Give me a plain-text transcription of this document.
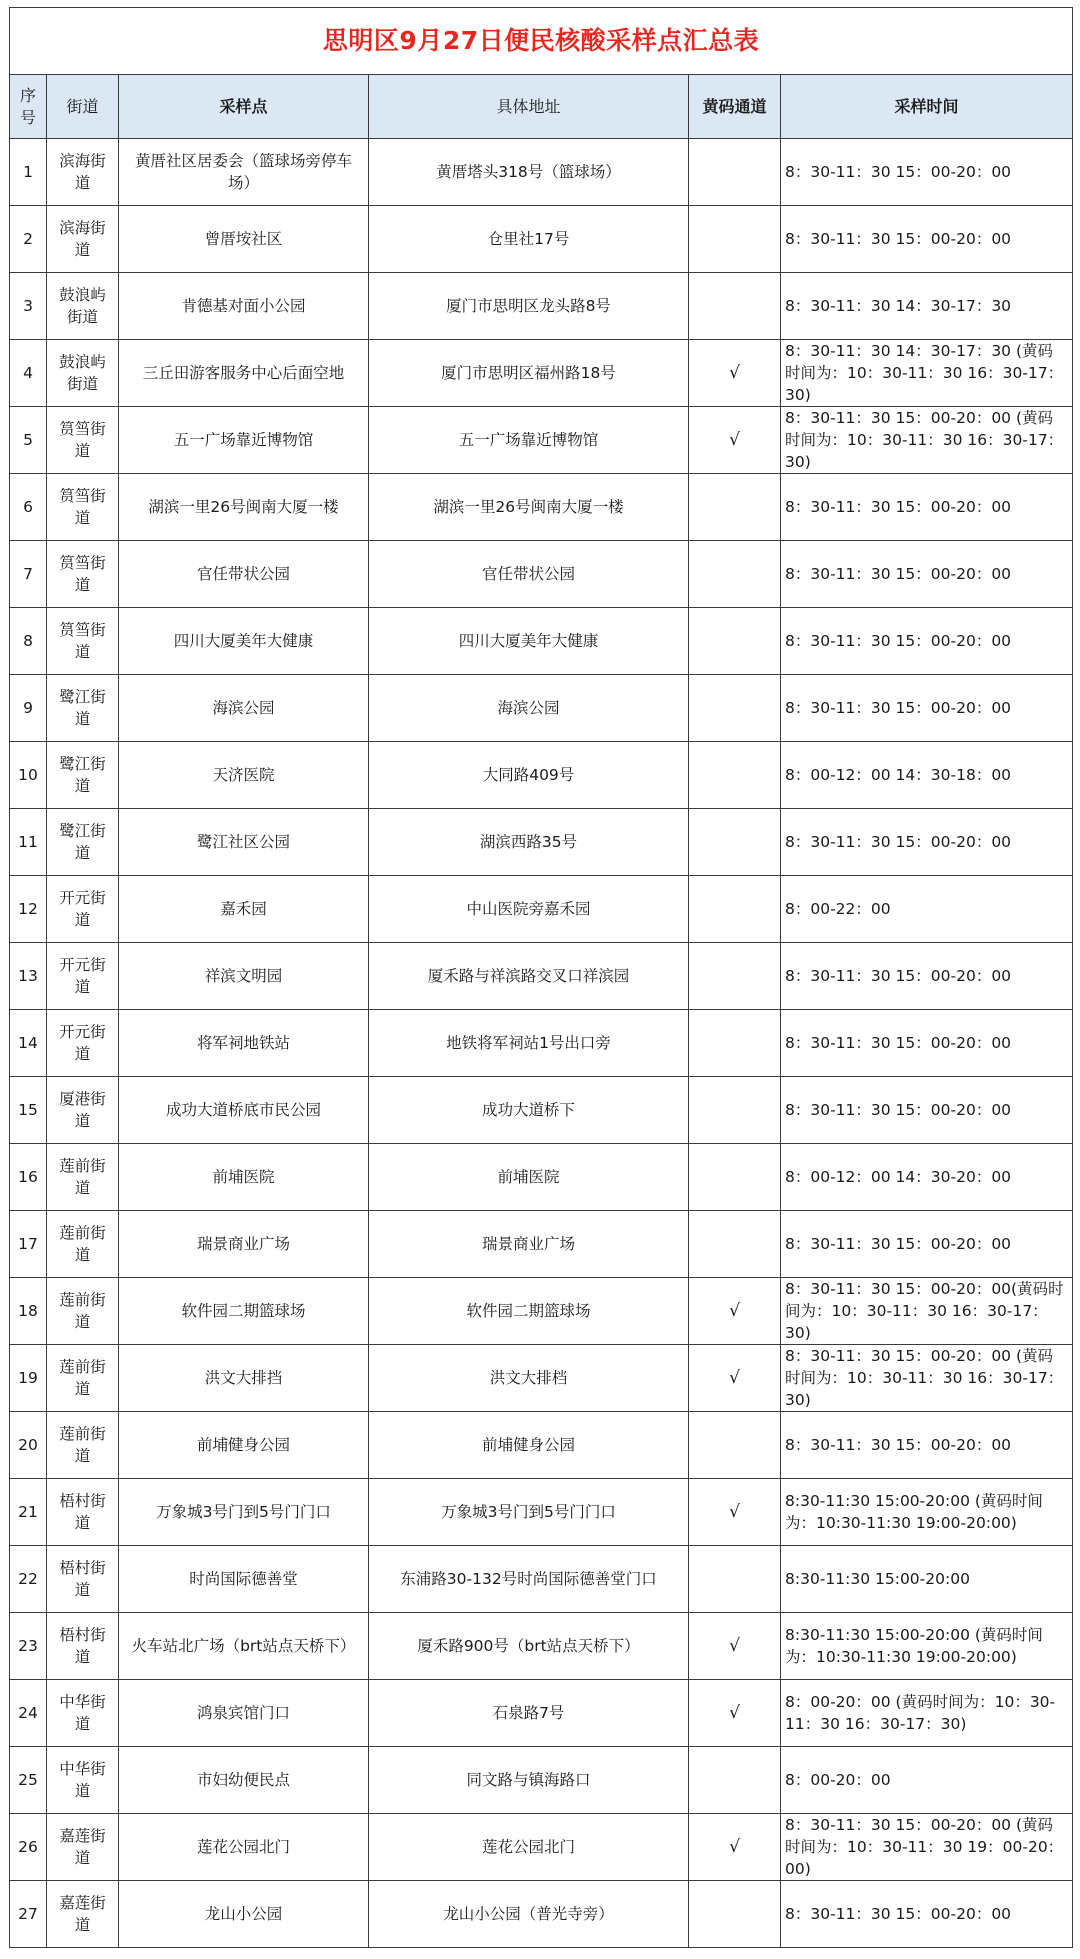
思明区9月27日便民核酸采样点汇总表					
序号	街道	采样点	具体地址	黄码通道	采样时间
1	滨海街道	黄厝社区居委会（篮球场旁停车场）	黄厝塔头318号（篮球场）		8：30-11：30 15：00-20：00
2	滨海街道	曾厝垵社区	仓里社17号		8：30-11：30 15：00-20：00
3	鼓浪屿街道	肯德基对面小公园	厦门市思明区龙头路8号		8：30-11：30 14：30-17：30
4	鼓浪屿街道	三丘田游客服务中心后面空地	厦门市思明区福州路18号	√	8：30-11：30 14：30-17：30 (黄码时间为：10：30-11：30 16：30-17：30)
5	筼筜街道	五一广场靠近博物馆	五一广场靠近博物馆	√	8：30-11：30 15：00-20：00 (黄码时间为：10：30-11：30 16：30-17：30)
6	筼筜街道	湖滨一里26号闽南大厦一楼	湖滨一里26号闽南大厦一楼		8：30-11：30 15：00-20：00
7	筼筜街道	官任带状公园	官任带状公园		8：30-11：30 15：00-20：00
8	筼筜街道	四川大厦美年大健康	四川大厦美年大健康		8：30-11：30 15：00-20：00
9	鹭江街道	海滨公园	海滨公园		8：30-11：30 15：00-20：00
10	鹭江街道	天济医院	大同路409号		8：00-12：00 14：30-18：00
11	鹭江街道	鹭江社区公园	湖滨西路35号		8：30-11：30 15：00-20：00
12	开元街道	嘉禾园	中山医院旁嘉禾园		8：00-22：00
13	开元街道	祥滨文明园	厦禾路与祥滨路交叉口祥滨园		8：30-11：30 15：00-20：00
14	开元街道	将军祠地铁站	地铁将军祠站1号出口旁		8：30-11：30 15：00-20：00
15	厦港街道	成功大道桥底市民公园	成功大道桥下		8：30-11：30 15：00-20：00
16	莲前街道	前埔医院	前埔医院		8：00-12：00 14：30-20：00
17	莲前街道	瑞景商业广场	瑞景商业广场		8：30-11：30 15：00-20：00
18	莲前街道	软件园二期篮球场	软件园二期篮球场	√	8：30-11：30 15：00-20：00(黄码时间为：10：30-11：30 16：30-17：30)
19	莲前街道	洪文大排挡	洪文大排档	√	8：30-11：30 15：00-20：00 (黄码时间为：10：30-11：30 16：30-17：30)
20	莲前街道	前埔健身公园	前埔健身公园		8：30-11：30 15：00-20：00
21	梧村街道	万象城3号门到5号门门口	万象城3号门到5号门门口	√	8:30-11:30 15:00-20:00 (黄码时间为：10:30-11:30 19:00-20:00)
22	梧村街道	时尚国际德善堂	东浦路30-132号时尚国际德善堂门口		8:30-11:30 15:00-20:00
23	梧村街道	火车站北广场（brt站点天桥下）	厦禾路900号（brt站点天桥下）	√	8:30-11:30 15:00-20:00 (黄码时间为：10:30-11:30 19:00-20:00)
24	中华街道	鸿泉宾馆门口	石泉路7号	√	8：00-20：00 (黄码时间为：10：30-11：30 16：30-17：30)
25	中华街道	市妇幼便民点	同文路与镇海路口		8：00-20：00
26	嘉莲街道	莲花公园北门	莲花公园北门	√	8：30-11：30 15：00-20：00 (黄码时间为：10：30-11：30 19：00-20：00)
27	嘉莲街道	龙山小公园	龙山小公园（普光寺旁）		8：30-11：30 15：00-20：00
